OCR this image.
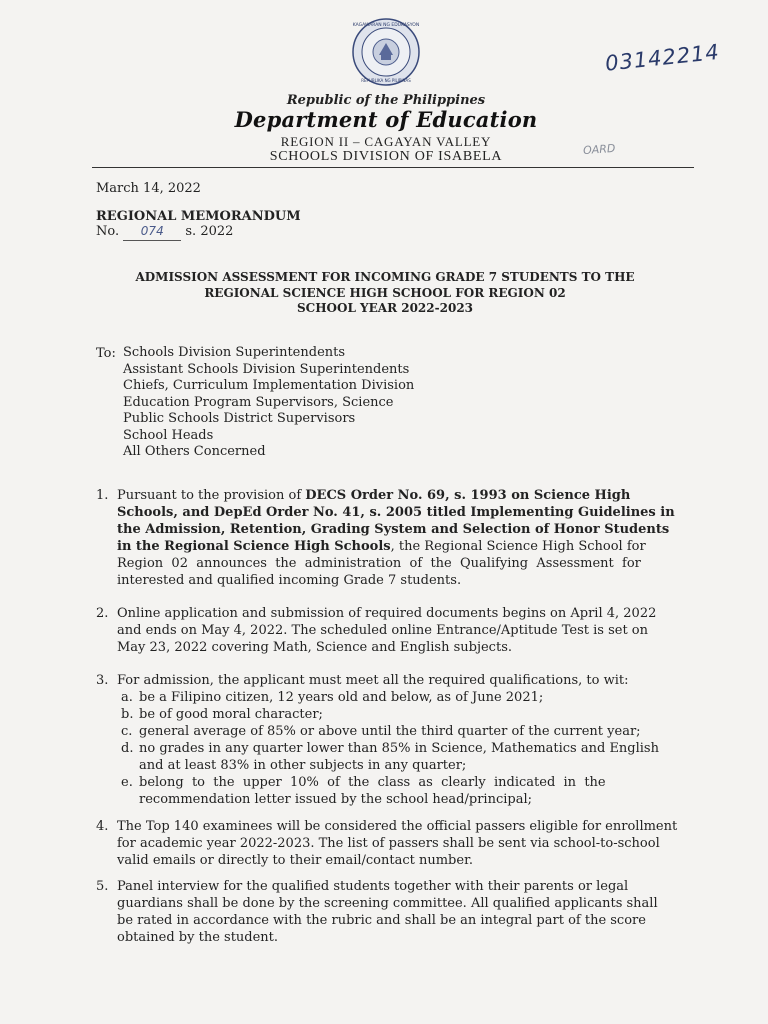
KAGAWARAN NG EDUKASYON
REPUBLIKA NG PILIPINAS
03142214
Republic of the Philippines
Department of Education
REGION II – CAGAYAN VALLEY
SCHOOLS DIVISION OF ISABELA	OARD
March 14, 2022
REGIONAL MEMORANDUM
No. 074 s. 2022
ADMISSION ASSESSMENT FOR INCOMING GRADE 7 STUDENTS TO THE
REGIONAL SCIENCE HIGH SCHOOL FOR REGION 02
SCHOOL YEAR 2022-2023
To: Schools Division Superintendents
Assistant Schools Division Superintendents
Chiefs, Curriculum Implementation Division
Education Program Supervisors, Science
Public Schools District Supervisors
School Heads
All Others Concerned
1. Pursuant to the provision of DECS Order No. 69, s. 1993 on Science High
Schools, and DepEd Order No. 41, s. 2005 titled Implementing Guidelines in
the Admission, Retention, Grading System and Selection of Honor Students
in the Regional Science High Schools, the Regional Science High School for
Region  02  announces  the  administration  of  the  Qualifying  Assessment  for
interested and qualified incoming Grade 7 students.
2. Online application and submission of required documents begins on April 4, 2022
and ends on May 4, 2022. The scheduled online Entrance/Aptitude Test is set on
May 23, 2022 covering Math, Science and English subjects.
3. For admission, the applicant must meet all the required qualifications, to wit:
a. be a Filipino citizen, 12 years old and below, as of June 2021;
b. be of good moral character;
c. general average of 85% or above until the third quarter of the current year;
d. no grades in any quarter lower than 85% in Science, Mathematics and English
and at least 83% in other subjects in any quarter;
e. belong  to  the  upper  10%  of  the  class  as  clearly  indicated  in  the
recommendation letter issued by the school head/principal;
4. The Top 140 examinees will be considered the official passers eligible for enrollment
for academic year 2022-2023. The list of passers shall be sent via school-to-school
valid emails or directly to their email/contact number.
5. Panel interview for the qualified students together with their parents or legal
guardians shall be done by the screening committee. All qualified applicants shall
be rated in accordance with the rubric and shall be an integral part of the score
obtained by the student.
